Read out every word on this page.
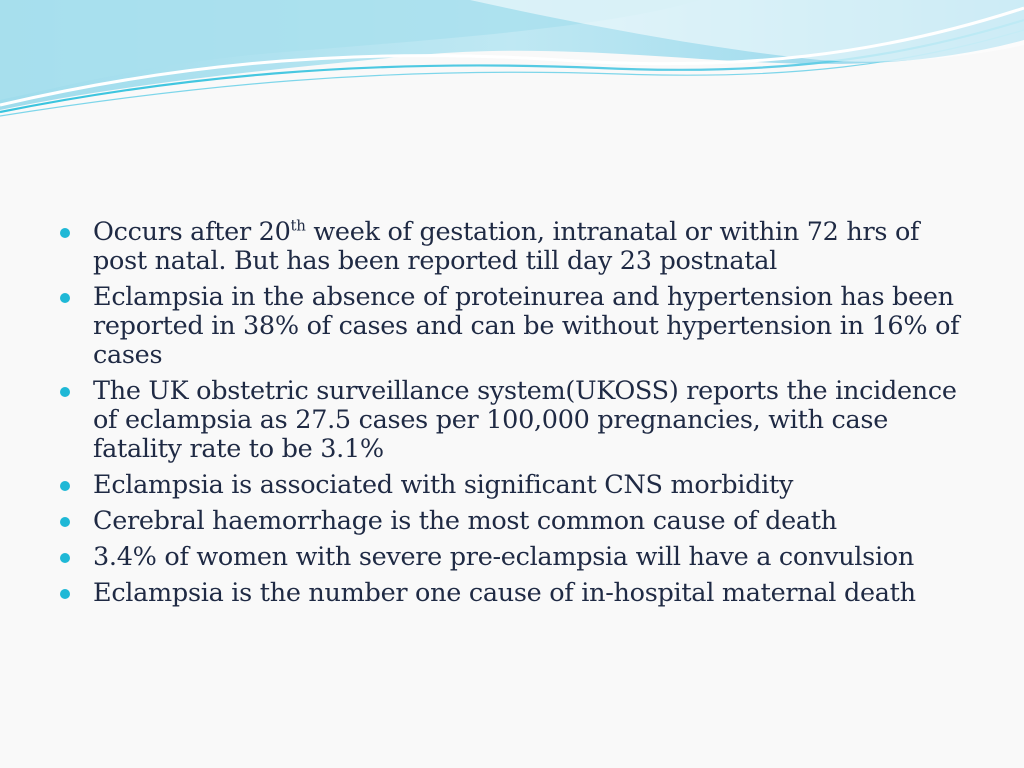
Occurs after 20th week of gestation, intranatal or within 72 hrs of post natal. But has been reported till day 23 postnatal
Eclampsia in the absence of proteinurea and hypertension has been reported in 38% of cases and can be without hypertension in 16% of cases
The UK obstetric surveillance system(UKOSS) reports the incidence of eclampsia as 27.5 cases per 100,000 pregnancies, with case fatality rate to be 3.1%
Eclampsia is associated with significant CNS morbidity
Cerebral haemorrhage is the most common cause of death
3.4% of women with severe pre-eclampsia will have a convulsion
Eclampsia is the number one cause of in-hospital maternal death
